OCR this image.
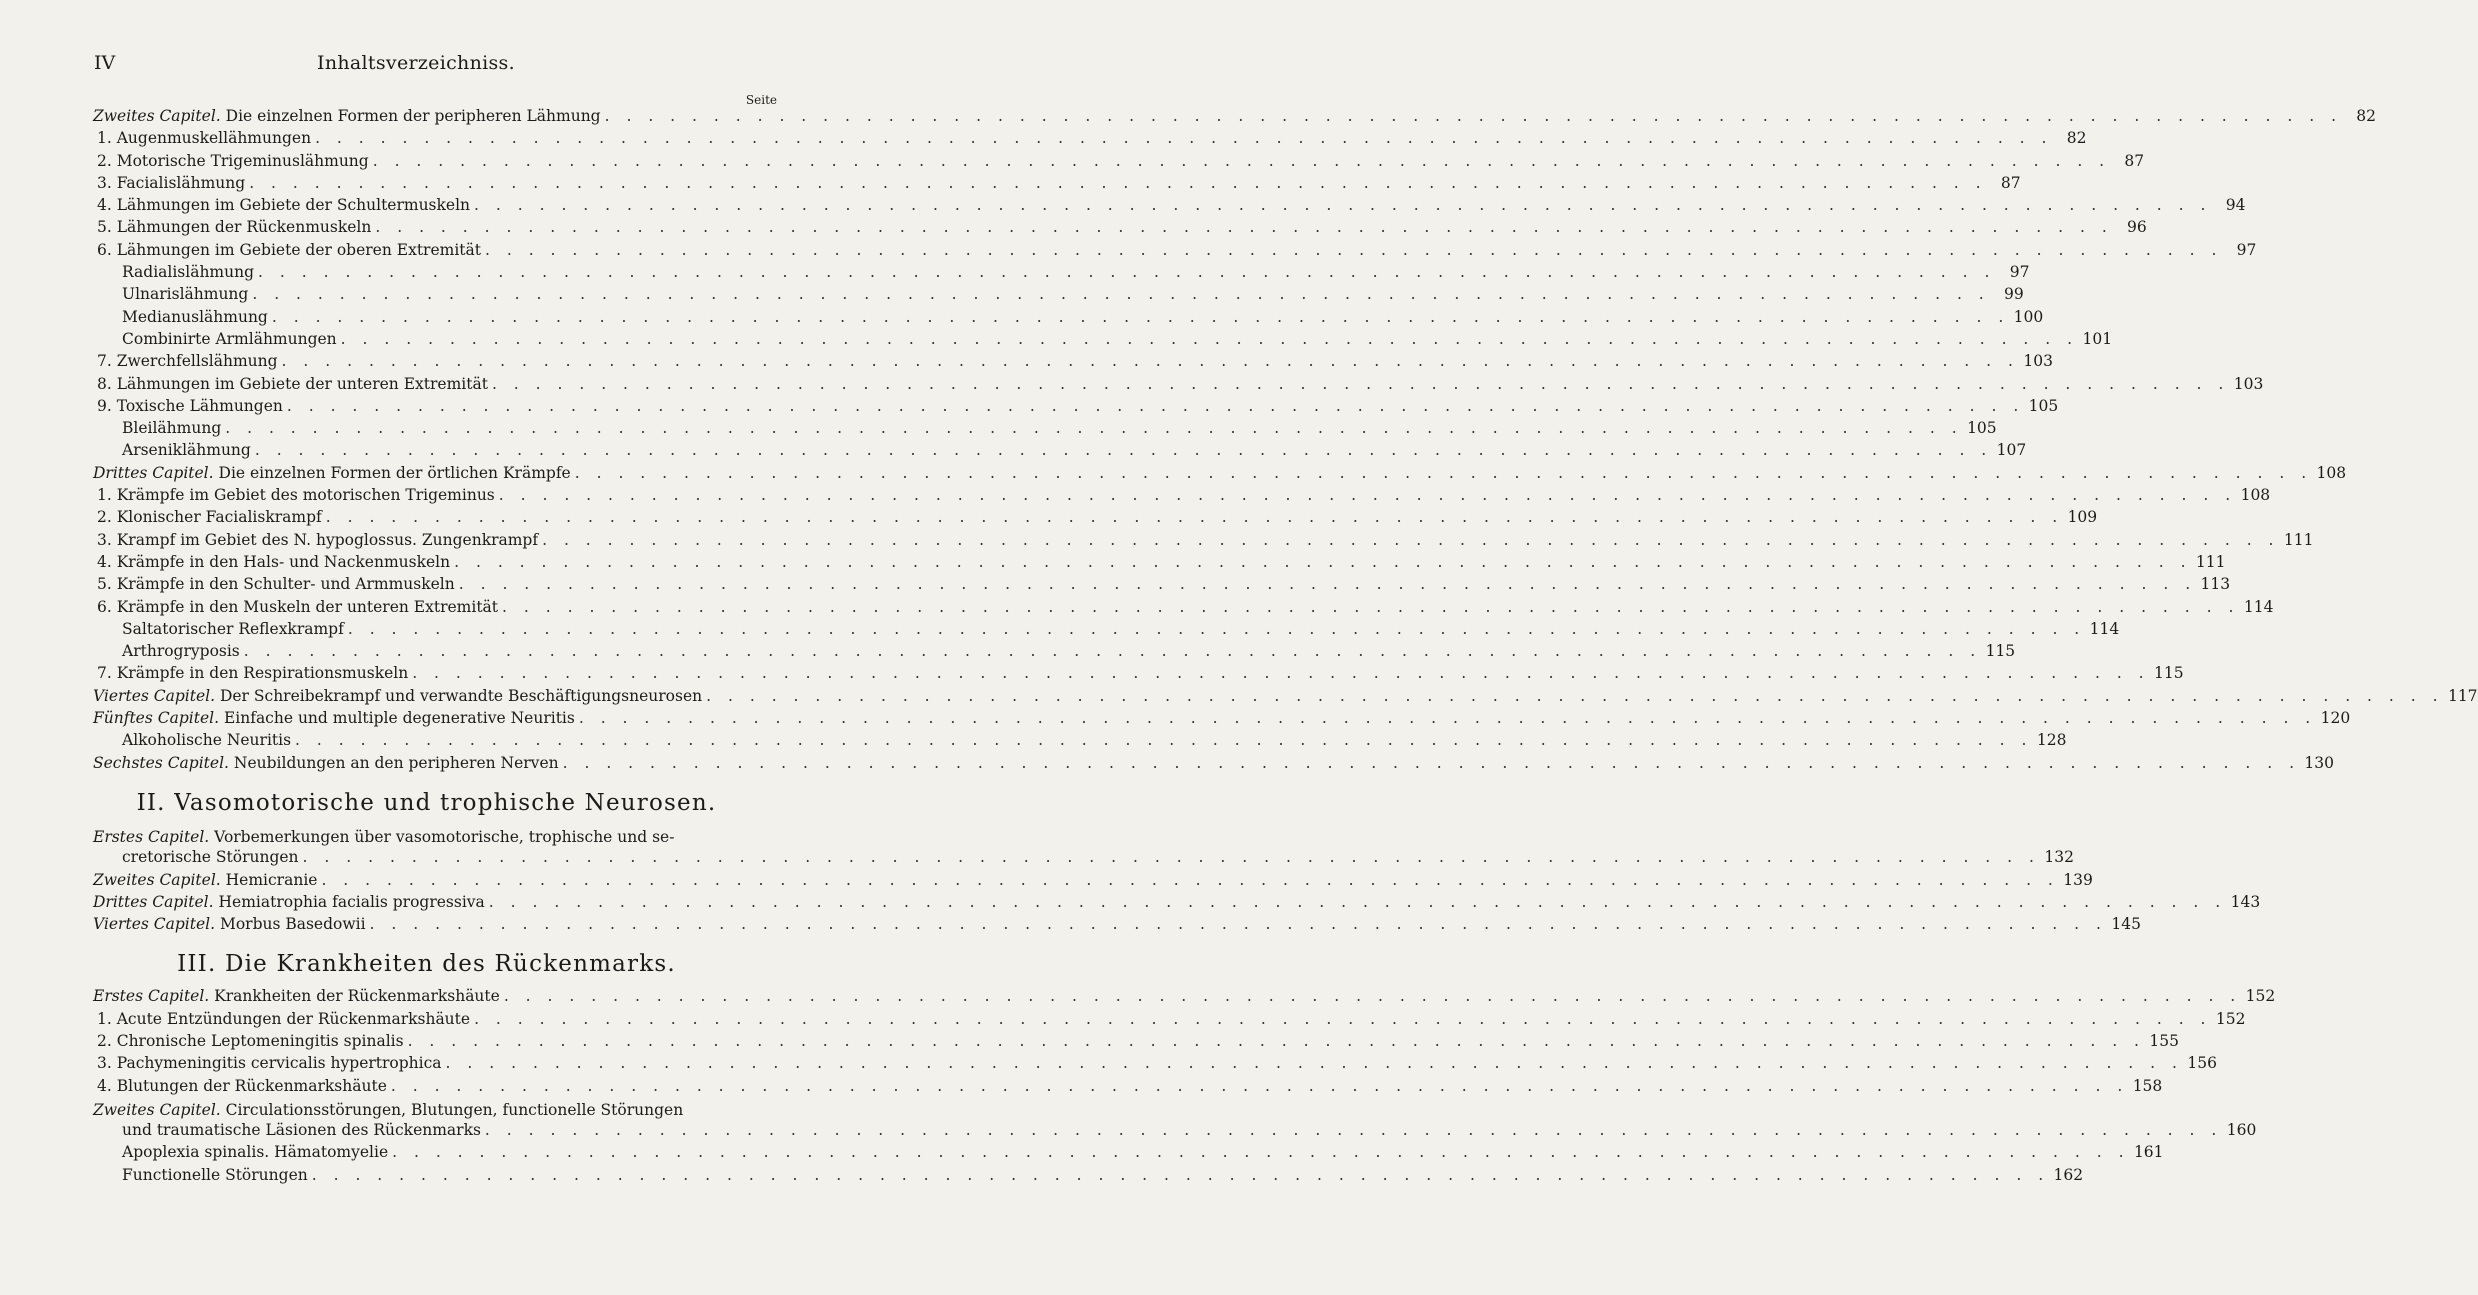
IV	Inhaltsverzeichniss.
Seite
Zweites Capitel. Die einzelnen Formen der peripheren Lähmung . . . . . . . . . . . . . . . . . . . . . . . . . . . . . . . . . . . . . . . . . . . . . . . . . . . . . . . . . . . . . . . . . . . . . . . . . . . . . . . . 82
1. Augenmuskellähmungen . . . . . . . . . . . . . . . . . . . . . . . . . . . . . . . . . . . . . . . . . . . . . . . . . . . . . . . . . . . . . . . . . . . . . . . . . . . . . . . . 82
2. Motorische Trigeminuslähmung . . . . . . . . . . . . . . . . . . . . . . . . . . . . . . . . . . . . . . . . . . . . . . . . . . . . . . . . . . . . . . . . . . . . . . . . . . . . . . . . 87
3. Facialislähmung . . . . . . . . . . . . . . . . . . . . . . . . . . . . . . . . . . . . . . . . . . . . . . . . . . . . . . . . . . . . . . . . . . . . . . . . . . . . . . . . 87
4. Lähmungen im Gebiete der Schultermuskeln . . . . . . . . . . . . . . . . . . . . . . . . . . . . . . . . . . . . . . . . . . . . . . . . . . . . . . . . . . . . . . . . . . . . . . . . . . . . . . . . 94
5. Lähmungen der Rückenmuskeln . . . . . . . . . . . . . . . . . . . . . . . . . . . . . . . . . . . . . . . . . . . . . . . . . . . . . . . . . . . . . . . . . . . . . . . . . . . . . . . . 96
6. Lähmungen im Gebiete der oberen Extremität . . . . . . . . . . . . . . . . . . . . . . . . . . . . . . . . . . . . . . . . . . . . . . . . . . . . . . . . . . . . . . . . . . . . . . . . . . . . . . . . 97
Radialislähmung . . . . . . . . . . . . . . . . . . . . . . . . . . . . . . . . . . . . . . . . . . . . . . . . . . . . . . . . . . . . . . . . . . . . . . . . . . . . . . . . 97
Ulnarislähmung . . . . . . . . . . . . . . . . . . . . . . . . . . . . . . . . . . . . . . . . . . . . . . . . . . . . . . . . . . . . . . . . . . . . . . . . . . . . . . . . 99
Medianuslähmung . . . . . . . . . . . . . . . . . . . . . . . . . . . . . . . . . . . . . . . . . . . . . . . . . . . . . . . . . . . . . . . . . . . . . . . . . . . . . . . . 100
Combinirte Armlähmungen . . . . . . . . . . . . . . . . . . . . . . . . . . . . . . . . . . . . . . . . . . . . . . . . . . . . . . . . . . . . . . . . . . . . . . . . . . . . . . . . 101
7. Zwerchfellslähmung . . . . . . . . . . . . . . . . . . . . . . . . . . . . . . . . . . . . . . . . . . . . . . . . . . . . . . . . . . . . . . . . . . . . . . . . . . . . . . . . 103
8. Lähmungen im Gebiete der unteren Extremität . . . . . . . . . . . . . . . . . . . . . . . . . . . . . . . . . . . . . . . . . . . . . . . . . . . . . . . . . . . . . . . . . . . . . . . . . . . . . . . . 103
9. Toxische Lähmungen . . . . . . . . . . . . . . . . . . . . . . . . . . . . . . . . . . . . . . . . . . . . . . . . . . . . . . . . . . . . . . . . . . . . . . . . . . . . . . . . 105
Bleilähmung . . . . . . . . . . . . . . . . . . . . . . . . . . . . . . . . . . . . . . . . . . . . . . . . . . . . . . . . . . . . . . . . . . . . . . . . . . . . . . . . 105
Arseniklähmung . . . . . . . . . . . . . . . . . . . . . . . . . . . . . . . . . . . . . . . . . . . . . . . . . . . . . . . . . . . . . . . . . . . . . . . . . . . . . . . . 107
Drittes Capitel. Die einzelnen Formen der örtlichen Krämpfe . . . . . . . . . . . . . . . . . . . . . . . . . . . . . . . . . . . . . . . . . . . . . . . . . . . . . . . . . . . . . . . . . . . . . . . . . . . . . . . . 108
1. Krämpfe im Gebiet des motorischen Trigeminus . . . . . . . . . . . . . . . . . . . . . . . . . . . . . . . . . . . . . . . . . . . . . . . . . . . . . . . . . . . . . . . . . . . . . . . . . . . . . . . . 108
2. Klonischer Facialiskrampf . . . . . . . . . . . . . . . . . . . . . . . . . . . . . . . . . . . . . . . . . . . . . . . . . . . . . . . . . . . . . . . . . . . . . . . . . . . . . . . . 109
3. Krampf im Gebiet des N. hypoglossus. Zungenkrampf . . . . . . . . . . . . . . . . . . . . . . . . . . . . . . . . . . . . . . . . . . . . . . . . . . . . . . . . . . . . . . . . . . . . . . . . . . . . . . . . 111
4. Krämpfe in den Hals- und Nackenmuskeln . . . . . . . . . . . . . . . . . . . . . . . . . . . . . . . . . . . . . . . . . . . . . . . . . . . . . . . . . . . . . . . . . . . . . . . . . . . . . . . . 111
5. Krämpfe in den Schulter- und Armmuskeln . . . . . . . . . . . . . . . . . . . . . . . . . . . . . . . . . . . . . . . . . . . . . . . . . . . . . . . . . . . . . . . . . . . . . . . . . . . . . . . . 113
6. Krämpfe in den Muskeln der unteren Extremität . . . . . . . . . . . . . . . . . . . . . . . . . . . . . . . . . . . . . . . . . . . . . . . . . . . . . . . . . . . . . . . . . . . . . . . . . . . . . . . . 114
Saltatorischer Reflexkrampf . . . . . . . . . . . . . . . . . . . . . . . . . . . . . . . . . . . . . . . . . . . . . . . . . . . . . . . . . . . . . . . . . . . . . . . . . . . . . . . . 114
Arthrogryposis . . . . . . . . . . . . . . . . . . . . . . . . . . . . . . . . . . . . . . . . . . . . . . . . . . . . . . . . . . . . . . . . . . . . . . . . . . . . . . . . 115
7. Krämpfe in den Respirationsmuskeln . . . . . . . . . . . . . . . . . . . . . . . . . . . . . . . . . . . . . . . . . . . . . . . . . . . . . . . . . . . . . . . . . . . . . . . . . . . . . . . . 115
Viertes Capitel. Der Schreibekrampf und verwandte Beschäftigungsneurosen . . . . . . . . . . . . . . . . . . . . . . . . . . . . . . . . . . . . . . . . . . . . . . . . . . . . . . . . . . . . . . . . . . . . . . . . . . . . . . . . 117
Fünftes Capitel. Einfache und multiple degenerative Neuritis . . . . . . . . . . . . . . . . . . . . . . . . . . . . . . . . . . . . . . . . . . . . . . . . . . . . . . . . . . . . . . . . . . . . . . . . . . . . . . . . 120
Alkoholische Neuritis . . . . . . . . . . . . . . . . . . . . . . . . . . . . . . . . . . . . . . . . . . . . . . . . . . . . . . . . . . . . . . . . . . . . . . . . . . . . . . . . 128
Sechstes Capitel. Neubildungen an den peripheren Nerven . . . . . . . . . . . . . . . . . . . . . . . . . . . . . . . . . . . . . . . . . . . . . . . . . . . . . . . . . . . . . . . . . . . . . . . . . . . . . . . . 130
II. Vasomotorische und trophische Neurosen.
Erstes Capitel. Vorbemerkungen über vasomotorische, trophische und se-
cretorische Störungen . . . . . . . . . . . . . . . . . . . . . . . . . . . . . . . . . . . . . . . . . . . . . . . . . . . . . . . . . . . . . . . . . . . . . . . . . . . . . . . . 132
Zweites Capitel. Hemicranie . . . . . . . . . . . . . . . . . . . . . . . . . . . . . . . . . . . . . . . . . . . . . . . . . . . . . . . . . . . . . . . . . . . . . . . . . . . . . . . . 139
Drittes Capitel. Hemiatrophia facialis progressiva . . . . . . . . . . . . . . . . . . . . . . . . . . . . . . . . . . . . . . . . . . . . . . . . . . . . . . . . . . . . . . . . . . . . . . . . . . . . . . . . 143
Viertes Capitel. Morbus Basedowii . . . . . . . . . . . . . . . . . . . . . . . . . . . . . . . . . . . . . . . . . . . . . . . . . . . . . . . . . . . . . . . . . . . . . . . . . . . . . . . . 145
III. Die Krankheiten des Rückenmarks.
Erstes Capitel. Krankheiten der Rückenmarkshäute . . . . . . . . . . . . . . . . . . . . . . . . . . . . . . . . . . . . . . . . . . . . . . . . . . . . . . . . . . . . . . . . . . . . . . . . . . . . . . . . 152
1. Acute Entzündungen der Rückenmarkshäute . . . . . . . . . . . . . . . . . . . . . . . . . . . . . . . . . . . . . . . . . . . . . . . . . . . . . . . . . . . . . . . . . . . . . . . . . . . . . . . . 152
2. Chronische Leptomeningitis spinalis . . . . . . . . . . . . . . . . . . . . . . . . . . . . . . . . . . . . . . . . . . . . . . . . . . . . . . . . . . . . . . . . . . . . . . . . . . . . . . . . 155
3. Pachymeningitis cervicalis hypertrophica . . . . . . . . . . . . . . . . . . . . . . . . . . . . . . . . . . . . . . . . . . . . . . . . . . . . . . . . . . . . . . . . . . . . . . . . . . . . . . . . 156
4. Blutungen der Rückenmarkshäute . . . . . . . . . . . . . . . . . . . . . . . . . . . . . . . . . . . . . . . . . . . . . . . . . . . . . . . . . . . . . . . . . . . . . . . . . . . . . . . . 158
Zweites Capitel. Circulationsstörungen, Blutungen, functionelle Störungen
und traumatische Läsionen des Rückenmarks . . . . . . . . . . . . . . . . . . . . . . . . . . . . . . . . . . . . . . . . . . . . . . . . . . . . . . . . . . . . . . . . . . . . . . . . . . . . . . . . 160
Apoplexia spinalis. Hämatomyelie . . . . . . . . . . . . . . . . . . . . . . . . . . . . . . . . . . . . . . . . . . . . . . . . . . . . . . . . . . . . . . . . . . . . . . . . . . . . . . . . 161
Functionelle Störungen . . . . . . . . . . . . . . . . . . . . . . . . . . . . . . . . . . . . . . . . . . . . . . . . . . . . . . . . . . . . . . . . . . . . . . . . . . . . . . . . 162
